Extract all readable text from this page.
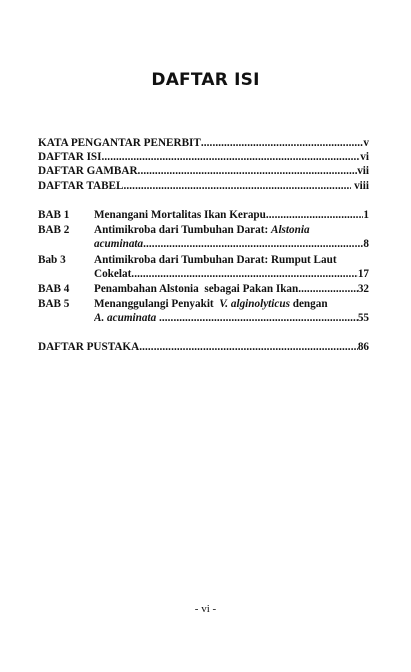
DAFTAR ISI
KATA PENGANTAR PENERBIT .....	v
DAFTAR ISI .....	vi
DAFTAR GAMBAR .....	vii
DAFTAR TABEL .....	viii
BAB 1	Menangani Mortalitas Ikan Kerapu .....	1
BAB 2	Antimikroba dari Tumbuhan Darat: Alstonia
acuminata .....	8
Bab 3	Antimikroba dari Tumbuhan Darat: Rumput Laut
Cokelat .....	17
BAB 4	Penambahan Alstonia  sebagai Pakan Ikan .....	32
BAB 5	Menanggulangi Penyakit  V. alginolyticus dengan
A. acuminata
.....	55
DAFTAR PUSTAKA .....	86
- vi -
